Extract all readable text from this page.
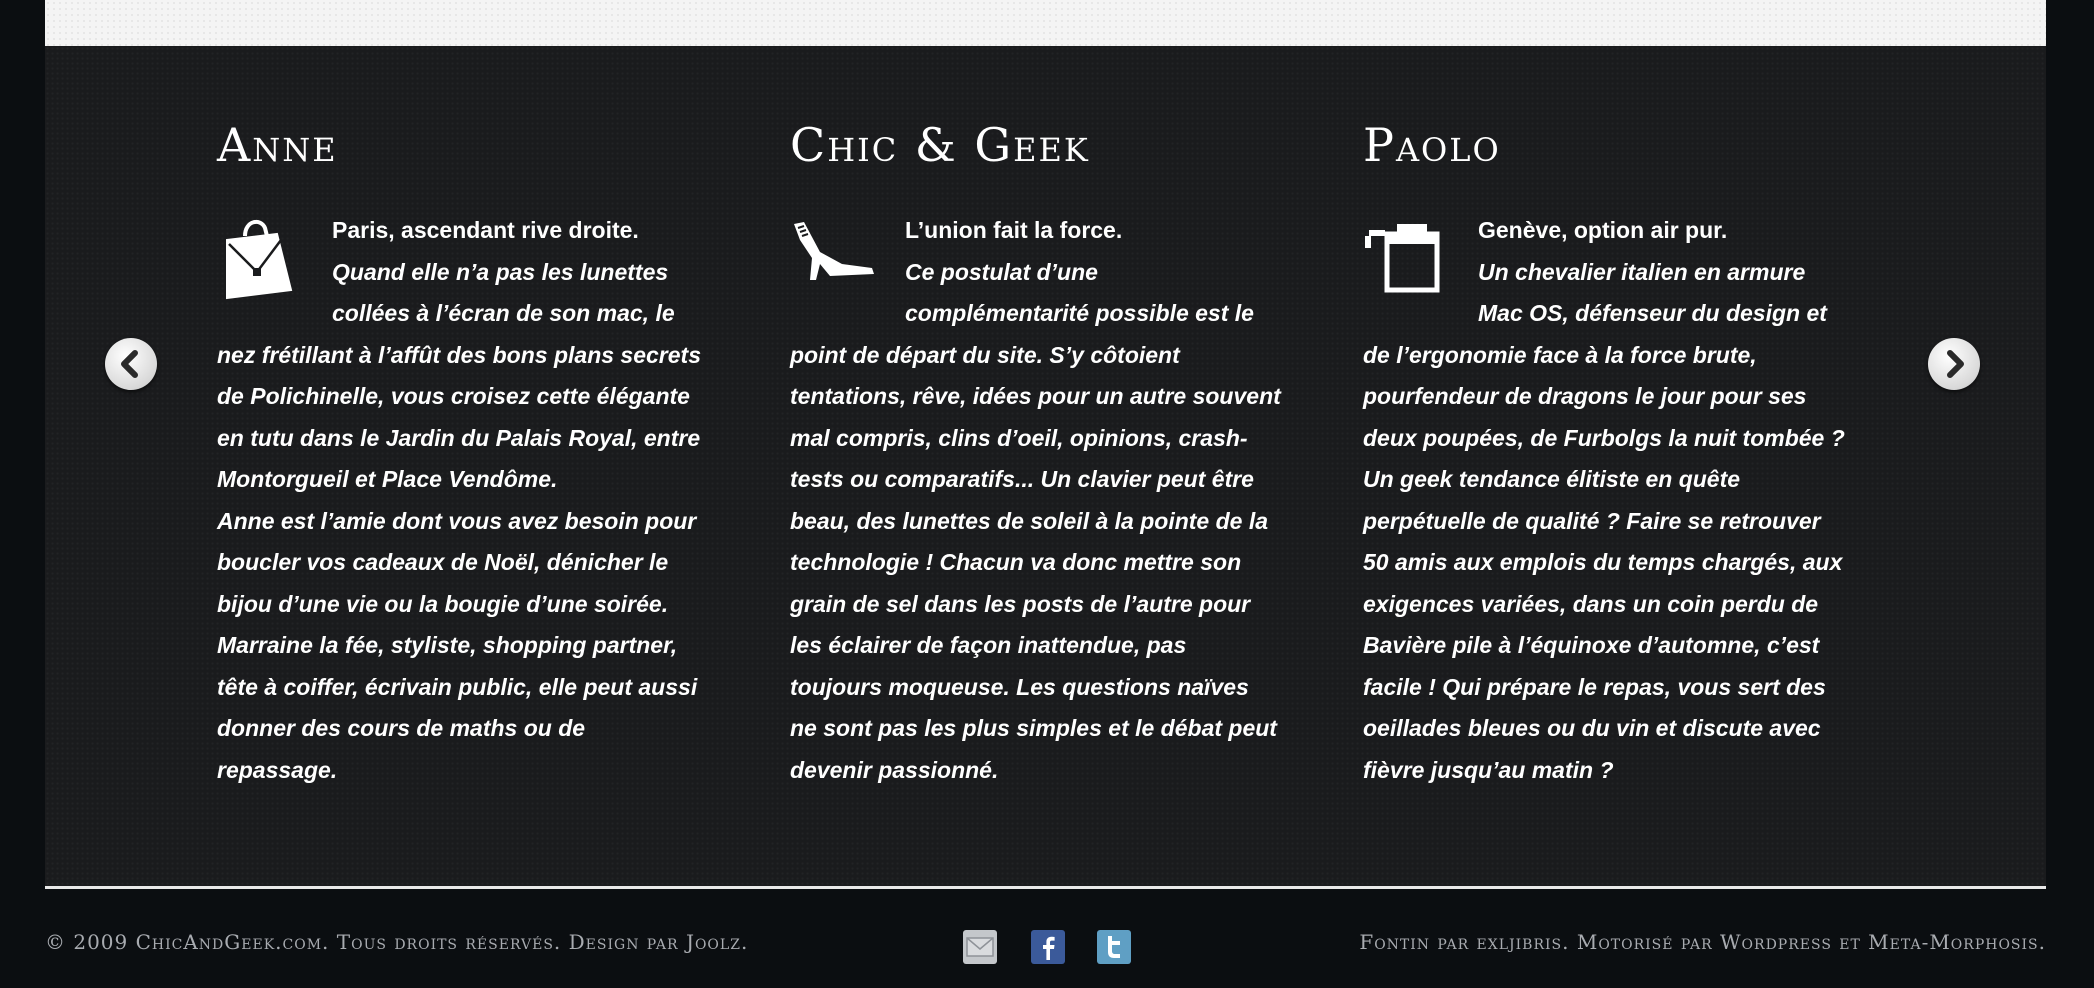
Anne
Paris, ascendant rive droite.
Quand elle n’a pas les lunettes
collées à l’écran de son mac, le
nez frétillant à l’affût des bons plans secrets
de Polichinelle, vous croisez cette élégante
en tutu dans le Jardin du Palais Royal, entre
Montorgueil et Place Vendôme.
Anne est l’amie dont vous avez besoin pour
boucler vos cadeaux de Noël, dénicher le
bijou d’une vie ou la bougie d’une soirée.
Marraine la fée, styliste, shopping partner,
tête à coiffer, écrivain public, elle peut aussi
donner des cours de maths ou de
repassage.
Chic & Geek
L’union fait la force.
Ce postulat d’une
complémentarité possible est le
point de départ du site. S’y côtoient
tentations, rêve, idées pour un autre souvent
mal compris, clins d’oeil, opinions, crash-
tests ou comparatifs... Un clavier peut être
beau, des lunettes de soleil à la pointe de la
technologie ! Chacun va donc mettre son
grain de sel dans les posts de l’autre pour
les éclairer de façon inattendue, pas
toujours moqueuse. Les questions naïves
ne sont pas les plus simples et le débat peut
devenir passionné.
Paolo
Genève, option air pur.
Un chevalier italien en armure
Mac OS, défenseur du design et
de l’ergonomie face à la force brute,
pourfendeur de dragons le jour pour ses
deux poupées, de Furbolgs la nuit tombée ?
Un geek tendance élitiste en quête
perpétuelle de qualité ? Faire se retrouver
50 amis aux emplois du temps chargés, aux
exigences variées, dans un coin perdu de
Bavière pile à l’équinoxe d’automne, c’est
facile ! Qui prépare le repas, vous sert des
oeillades bleues ou du vin et discute avec
fièvre jusqu’au matin ?
© 2009 ChicAndGeek.com. Tous droits réservés. Design par Joolz.	Fontin par exljibris. Motorisé par Wordpress et Meta-Morphosis.
